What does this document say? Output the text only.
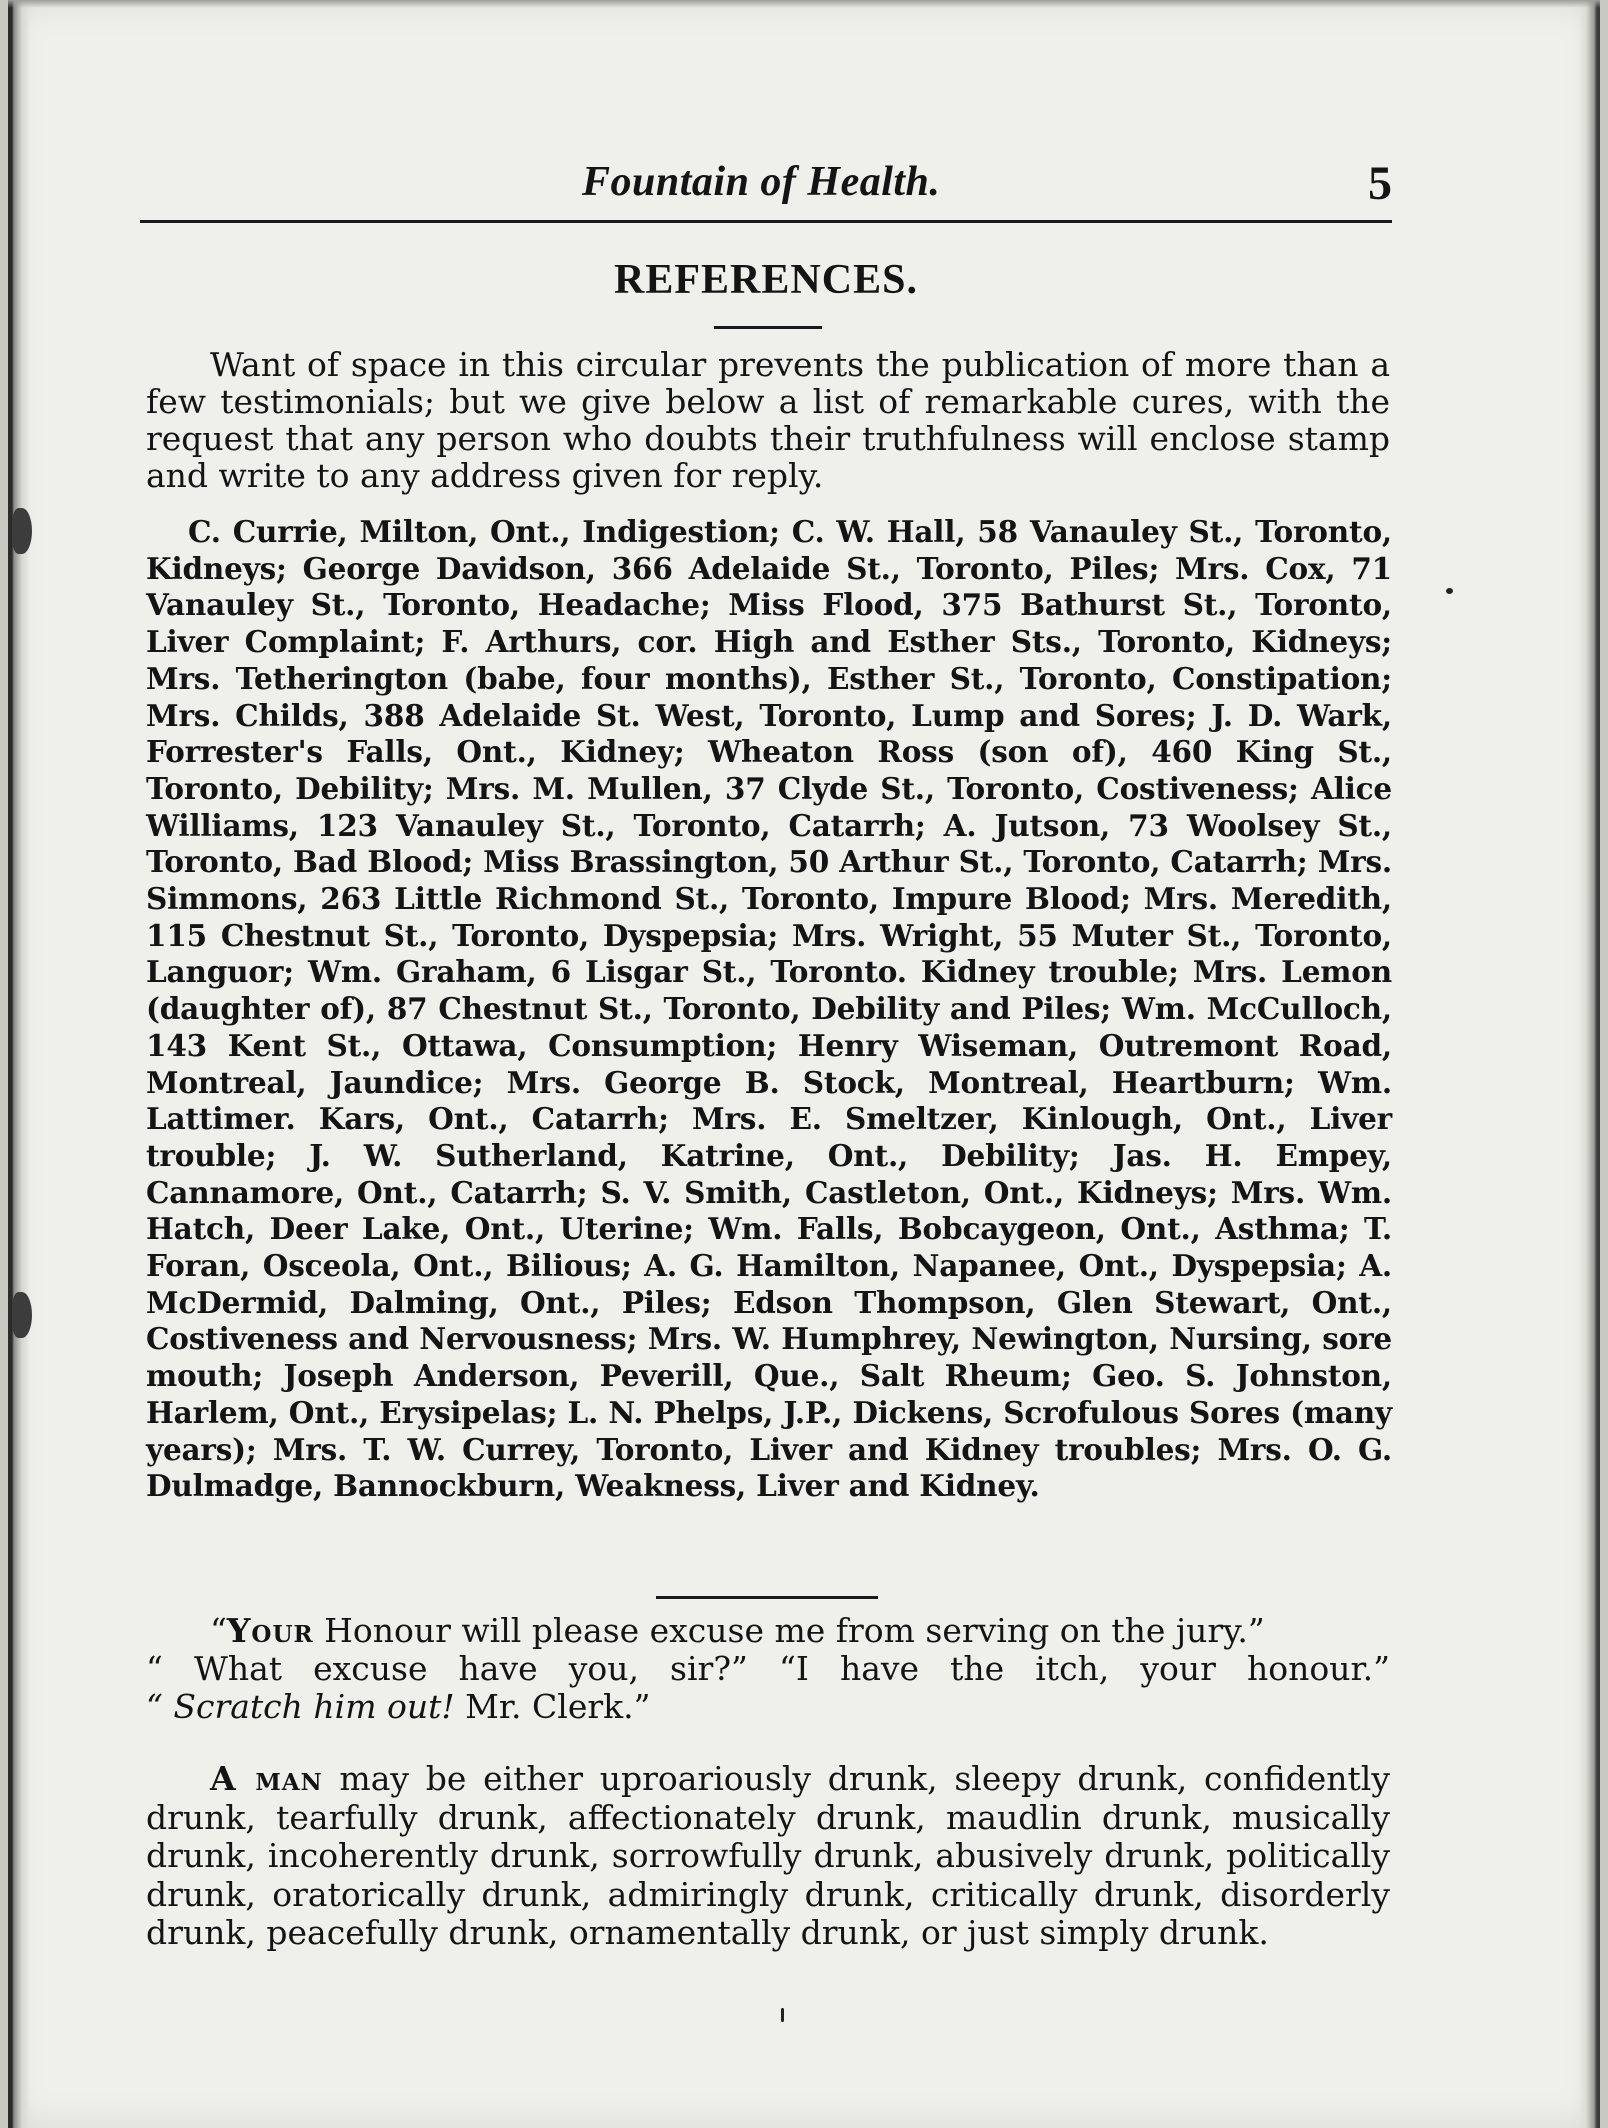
Fountain of Health.	5
REFERENCES.

Want of space in this circular prevents the publication of more than a few testimonials; but we give below a list of remarkable cures, with the request that any person who doubts their truthfulness will enclose stamp and write to any address given for reply.

C. Currie, Milton, Ont., Indigestion; C. W. Hall, 58 Vanauley St., Toronto, Kidneys; George Davidson, 366 Adelaide St., Toronto, Piles; Mrs. Cox, 71 Vanauley St., Toronto, Headache; Miss Flood, 375 Bathurst St., Toronto, Liver Complaint; F. Arthurs, cor. High and Esther Sts., Toronto, Kidneys; Mrs. Tetherington (babe, four months), Esther St., Toronto, Constipation; Mrs. Childs, 388 Adelaide St. West, Toronto, Lump and Sores; J. D. Wark, Forrester's Falls, Ont., Kidney; Wheaton Ross (son of), 460 King St., Toronto, Debility; Mrs. M. Mullen, 37 Clyde St., Toronto, Costiveness; Alice Williams, 123 Vanauley St., Toronto, Catarrh; A. Jutson, 73 Woolsey St., Toronto, Bad Blood; Miss Brassington, 50 Arthur St., Toronto, Catarrh; Mrs. Simmons, 263 Little Richmond St., Toronto, Impure Blood; Mrs. Meredith, 115 Chestnut St., Toronto, Dyspepsia; Mrs. Wright, 55 Muter St., Toronto, Languor; Wm. Graham, 6 Lisgar St., Toronto. Kidney trouble; Mrs. Lemon (daughter of), 87 Chestnut St., Toronto, Debility and Piles; Wm. McCulloch, 143 Kent St., Ottawa, Consumption; Henry Wiseman, Outremont Road, Montreal, Jaundice; Mrs. George B. Stock, Montreal, Heartburn; Wm. Lattimer. Kars, Ont., Catarrh; Mrs. E. Smeltzer, Kinlough, Ont., Liver trouble; J. W. Sutherland, Katrine, Ont., Debility; Jas. H. Empey, Cannamore, Ont., Catarrh; S. V. Smith, Castleton, Ont., Kidneys; Mrs. Wm. Hatch, Deer Lake, Ont., Uterine; Wm. Falls, Bobcaygeon, Ont., Asthma; T. Foran, Osceola, Ont., Bilious; A. G. Hamilton, Napanee, Ont., Dyspepsia; A. McDermid, Dalming, Ont., Piles; Edson Thompson, Glen Stewart, Ont., Costiveness and Nervousness; Mrs. W. Humphrey, Newington, Nursing, sore mouth; Joseph Anderson, Peverill, Que., Salt Rheum; Geo. S. Johnston, Harlem, Ont., Erysipelas; L. N. Phelps, J.P., Dickens, Scrofulous Sores (many years); Mrs. T. W. Currey, Toronto, Liver and Kidney troubles; Mrs. O. G. Dulmadge, Bannockburn, Weakness, Liver and Kidney.

“Your Honour will please excuse me from serving on the jury.”
“ What excuse have you, sir?” “I have the itch, your honour.”
“ Scratch him out! Mr. Clerk.”

A man may be either uproariously drunk, sleepy drunk, confidently drunk, tearfully drunk, affectionately drunk, maudlin drunk, musically drunk, incoherently drunk, sorrowfully drunk, abusively drunk, politically drunk, oratorically drunk, admiringly drunk, critically drunk, disorderly drunk, peacefully drunk, ornamentally drunk, or just simply drunk.
